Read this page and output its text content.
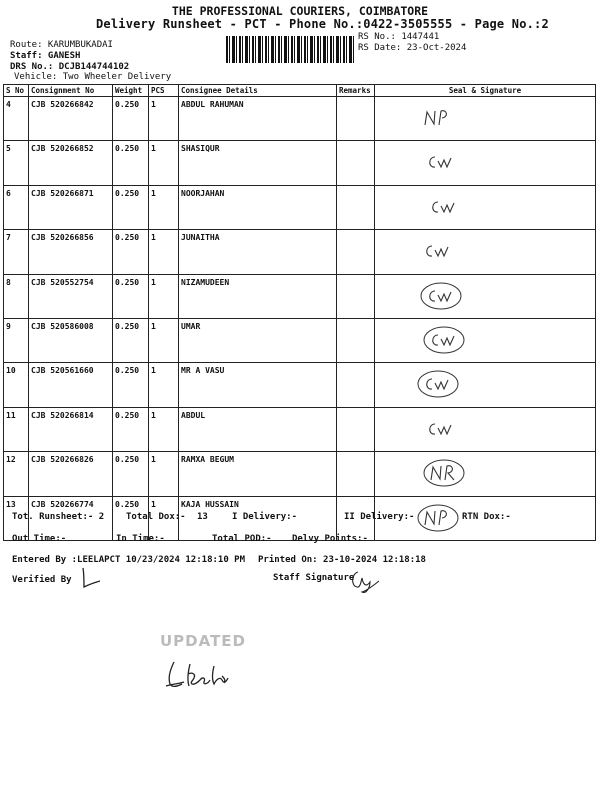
THE PROFESSIONAL COURIERS, COIMBATORE
Delivery Runsheet - PCT - Phone No.:0422-3505555 - Page No.:2
RS No.: 1447441
RS Date: 23-Oct-2024
Route: KARUMBUKADAI
Staff: GANESH
DRS No.: DCJB144744102
Vehicle: Two Wheeler Delivery
S No	Consignment No	Weight	PCS	Consignee Details	Remarks	Seal & Signature
4	CJB 520266842	0.250	1	ABDUL RAHUMAN		

5	CJB 520266852	0.250	1	SHASIQUR		

6	CJB 520266871	0.250	1	NOORJAHAN		

7	CJB 520266856	0.250	1	JUNAITHA		

8	CJB 520552754	0.250	1	NIZAMUDEEN		

9	CJB 520586008	0.250	1	UMAR		

10	CJB 520561660	0.250	1	MR A VASU		

11	CJB 520266814	0.250	1	ABDUL		

12	CJB 520266826	0.250	1	RAMXA BEGUM		

13	CJB 520266774	0.250	1	KAJA HUSSAIN		
Tot. Runsheet:- 2 Total Dox:- 13	I Delivery:-	II Delivery:-	RTN Dox:-
Out Time:-	In Time:-	Total POD:- Delvy Points:-
Entered By :LEELAPCT 10/23/2024 12:18:10 PM Printed On: 23-10-2024 12:18:18
Verified By	Staff Signature
UPDATED
